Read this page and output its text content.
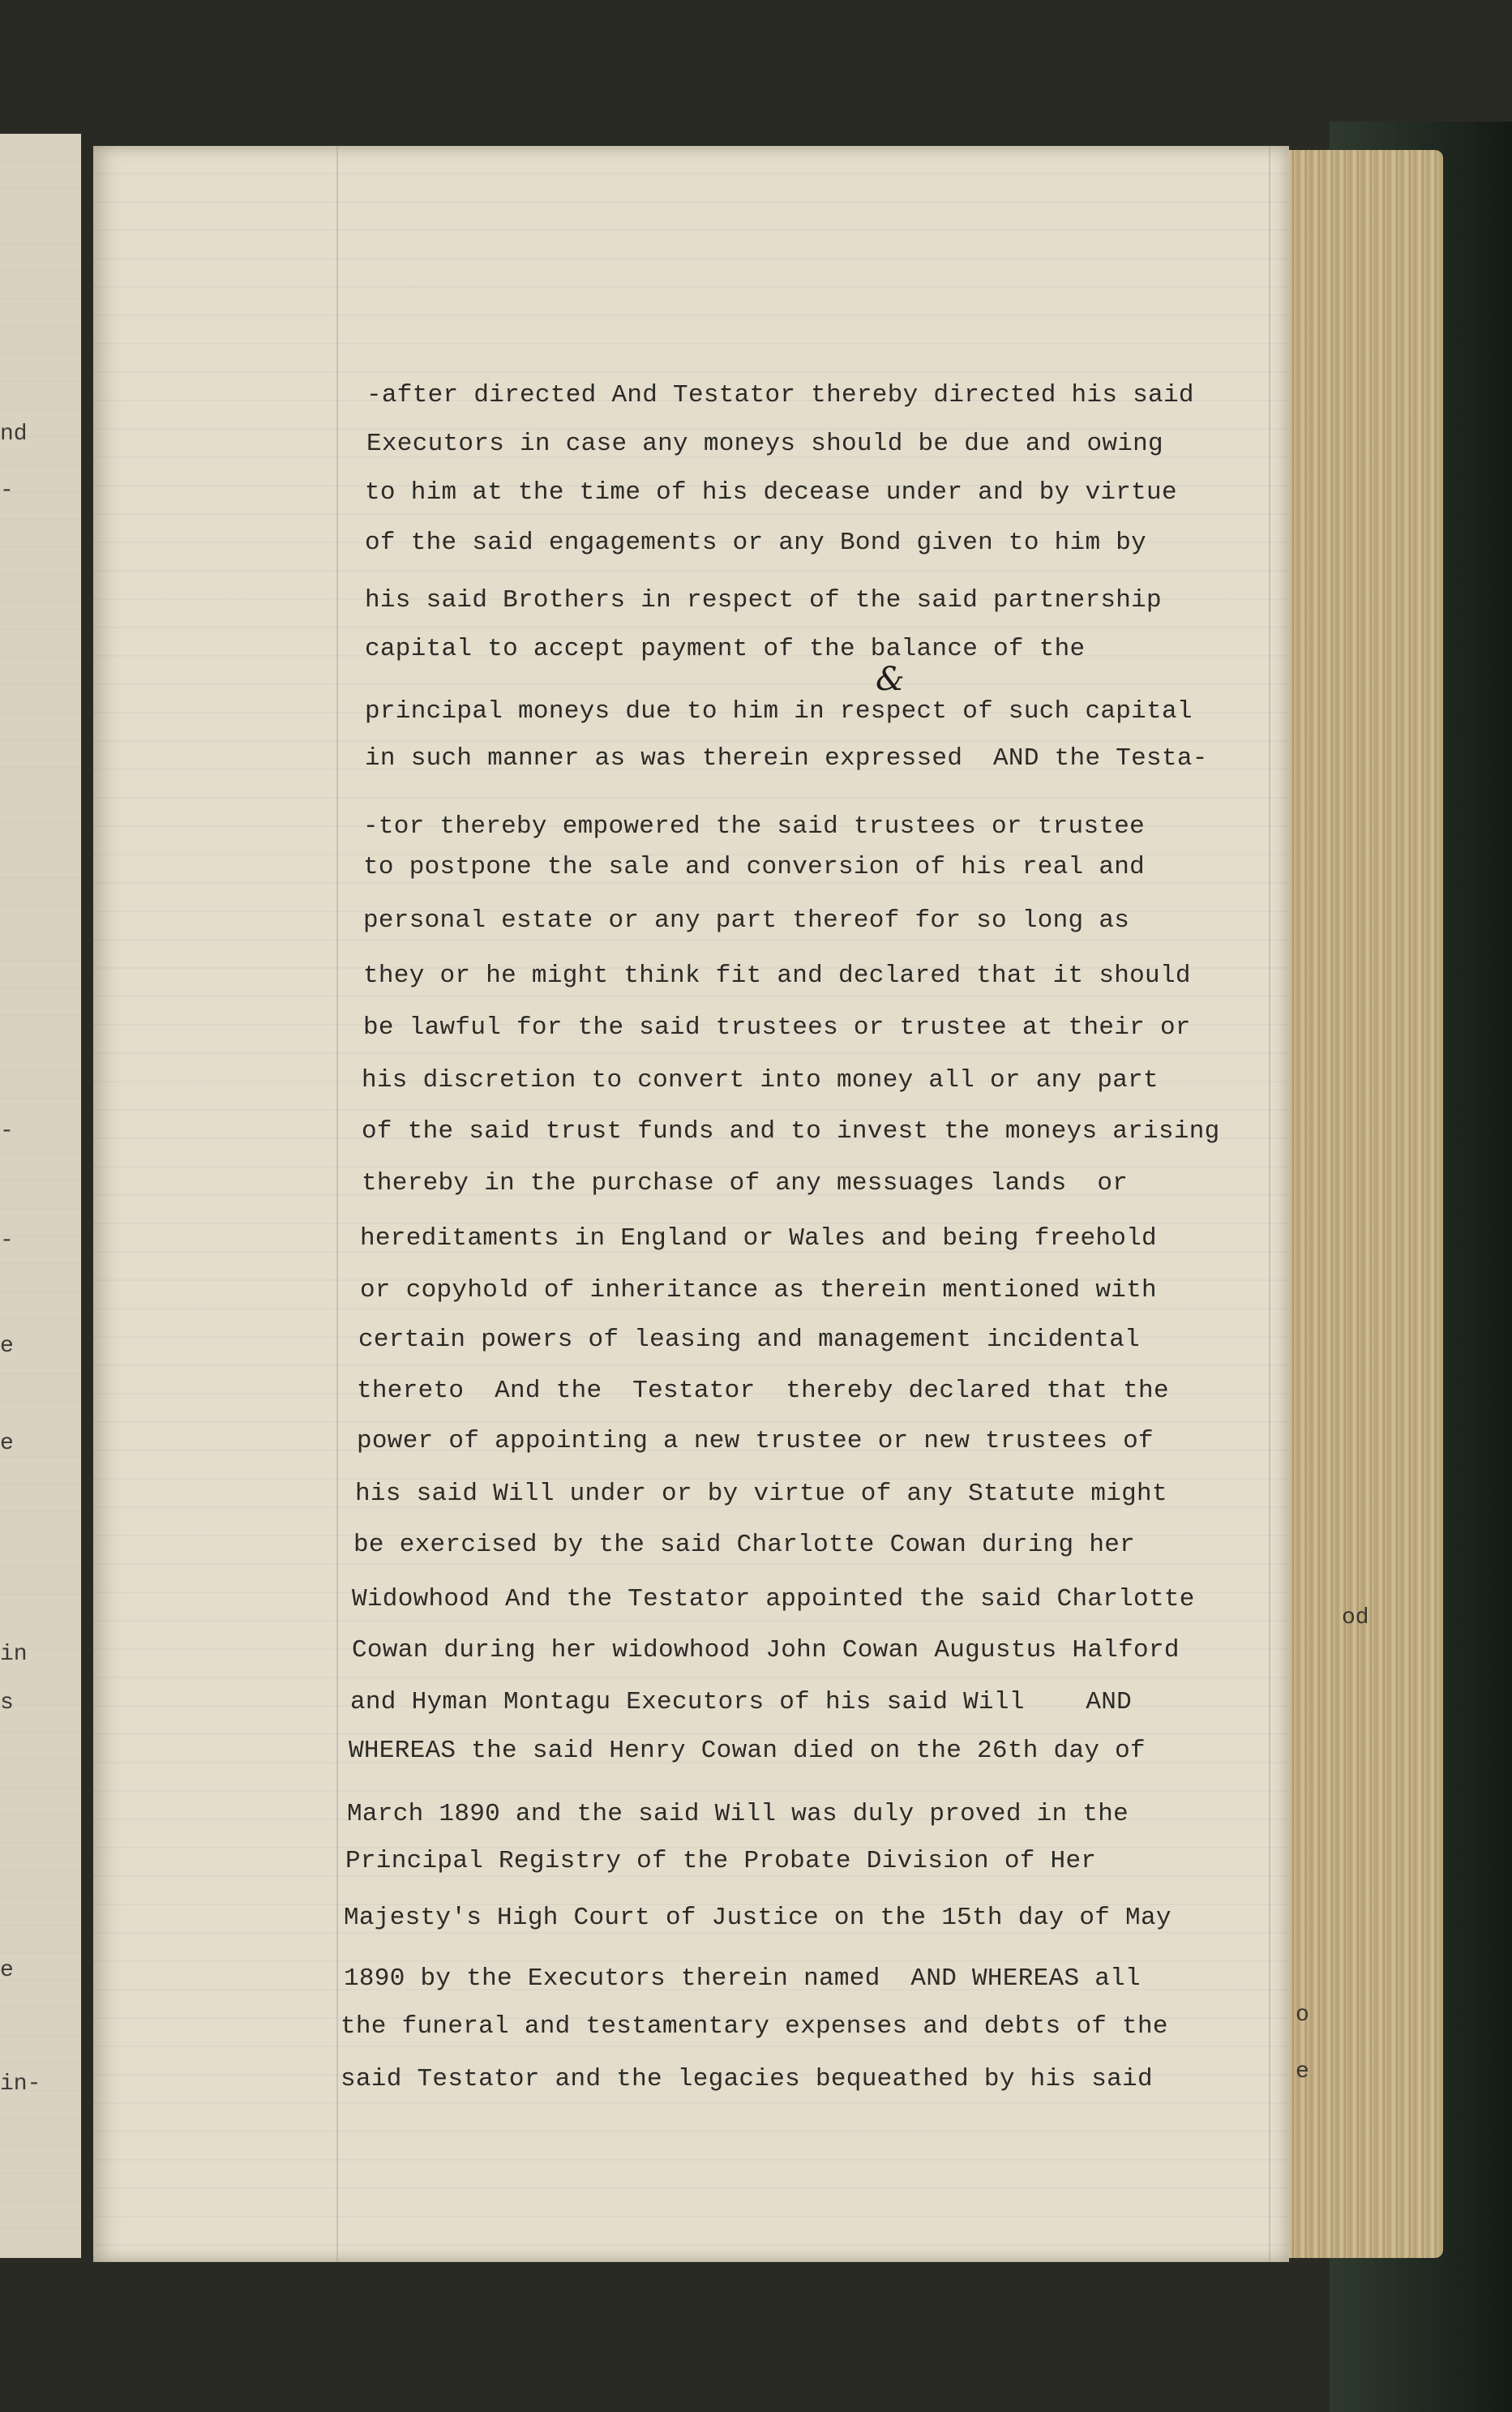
nd
-
-
-
e
e
in
s
e
in-
-after directed And Testator thereby directed his said
Executors in case any moneys should be due and owing
to him at the time of his decease under and by virtue
of the said engagements or any Bond given to him by
his said Brothers in respect of the said partnership
capital to accept payment of the balance of the
principal moneys due to him in respect of such capital
in such manner as was therein expressed  AND the Testa-
-tor thereby empowered the said trustees or trustee
to postpone the sale and conversion of his real and
personal estate or any part thereof for so long as
they or he might think fit and declared that it should
be lawful for the said trustees or trustee at their or
his discretion to convert into money all or any part
of the said trust funds and to invest the moneys arising
thereby in the purchase of any messuages lands  or
hereditaments in England or Wales and being freehold
or copyhold of inheritance as therein mentioned with
certain powers of leasing and management incidental
thereto  And the  Testator  thereby declared that the
power of appointing a new trustee or new trustees of
his said Will under or by virtue of any Statute might
be exercised by the said Charlotte Cowan during her
Widowhood And the Testator appointed the said Charlotte
Cowan during her widowhood John Cowan Augustus Halford
and Hyman Montagu Executors of his said Will    AND
WHEREAS the said Henry Cowan died on the 26th day of
March 1890 and the said Will was duly proved in the
Principal Registry of the Probate Division of Her
Majesty's High Court of Justice on the 15th day of May
1890 by the Executors therein named  AND WHEREAS all
the funeral and testamentary expenses and debts of the
said Testator and the legacies bequeathed by his said
&
od
o
e
